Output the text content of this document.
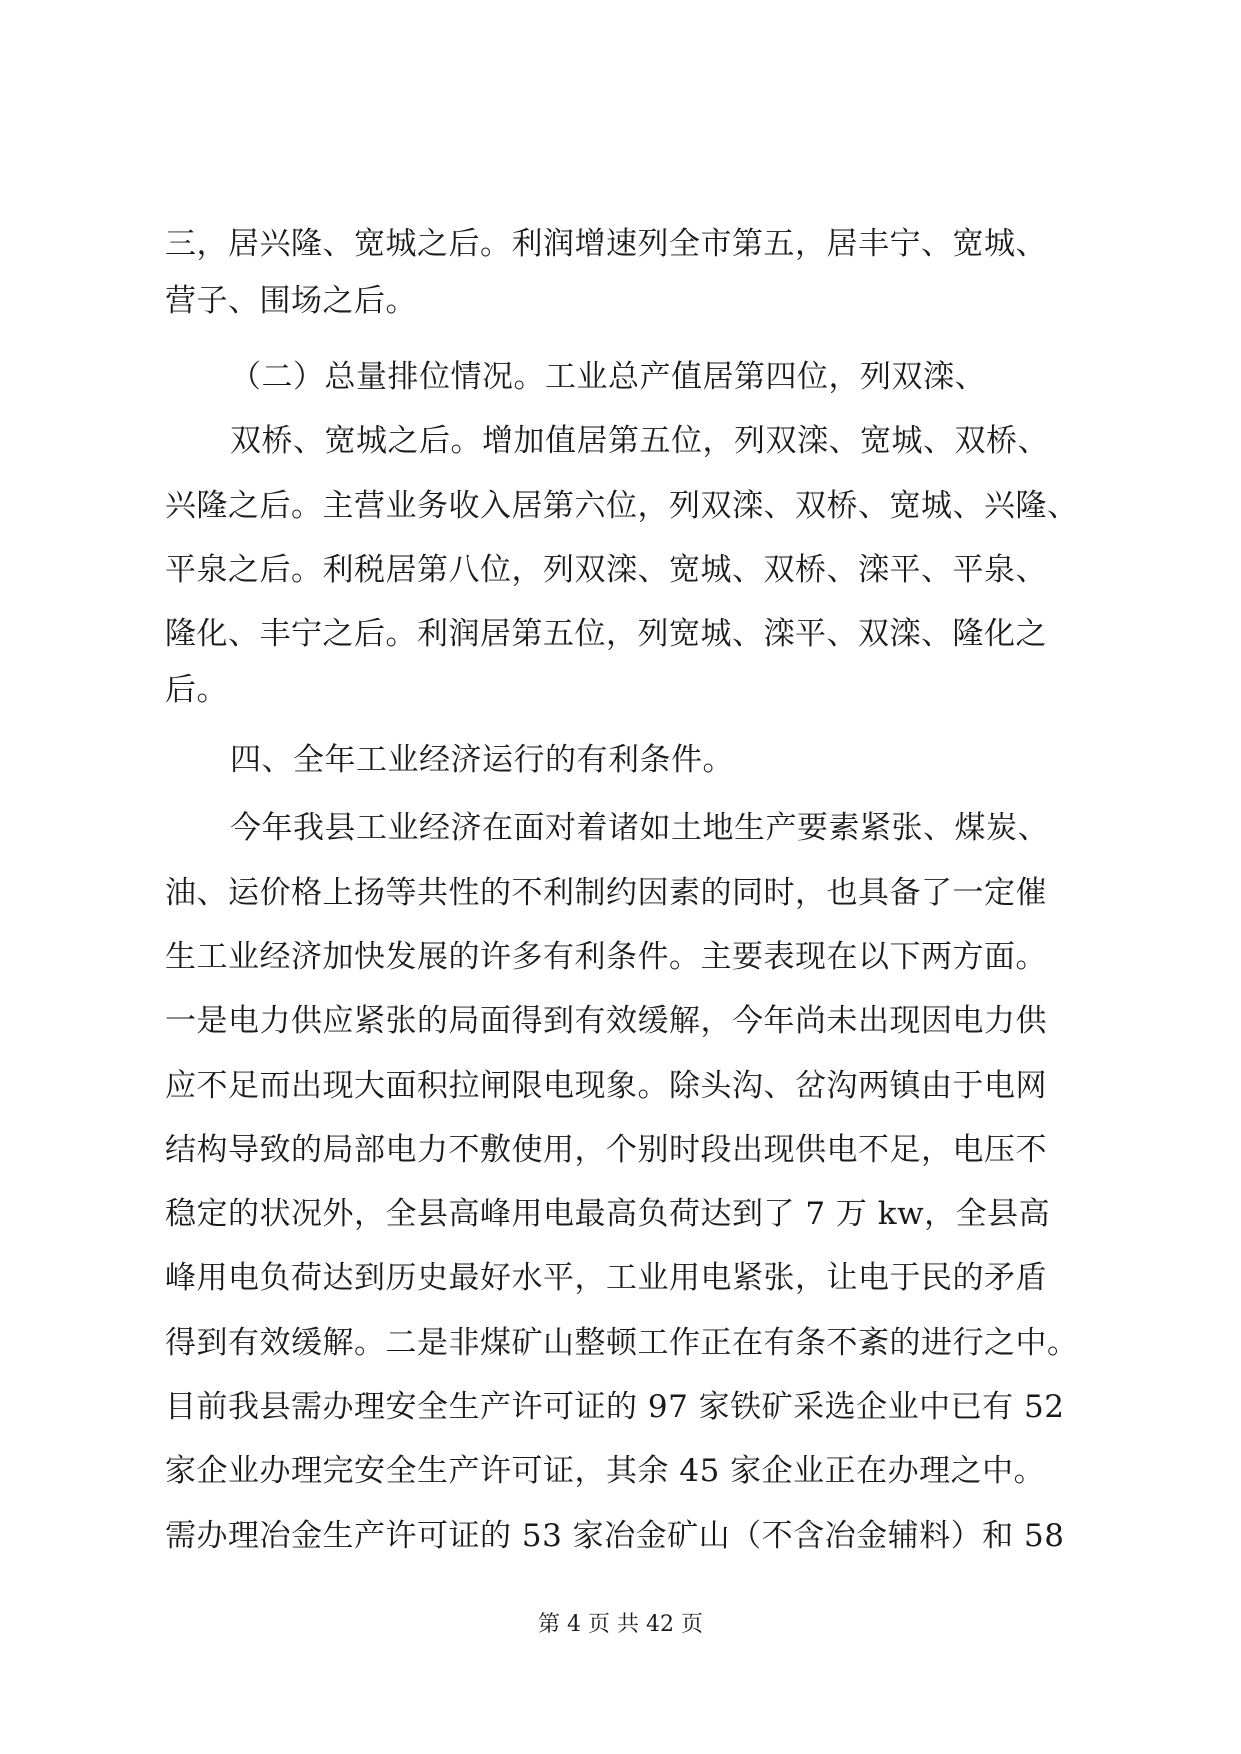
三，居兴隆、宽城之后。利润增速列全市第五，居丰宁、宽城、
营子、围场之后。
（二）总量排位情况。工业总产值居第四位，列双滦、
双桥、宽城之后。增加值居第五位，列双滦、宽城、双桥、
兴隆之后。主营业务收入居第六位，列双滦、双桥、宽城、兴隆、
平泉之后。利税居第八位，列双滦、宽城、双桥、滦平、平泉、
隆化、丰宁之后。利润居第五位，列宽城、滦平、双滦、隆化之
后。
四、全年工业经济运行的有利条件。
今年我县工业经济在面对着诸如土地生产要素紧张、煤炭、
油、运价格上扬等共性的不利制约因素的同时，也具备了一定催
生工业经济加快发展的许多有利条件。主要表现在以下两方面。
一是电力供应紧张的局面得到有效缓解，今年尚未出现因电力供
应不足而出现大面积拉闸限电现象。除头沟、岔沟两镇由于电网
结构导致的局部电力不敷使用，个别时段出现供电不足，电压不
稳定的状况外，全县高峰用电最高负荷达到了 7 万 kw，全县高
峰用电负荷达到历史最好水平，工业用电紧张，让电于民的矛盾
得到有效缓解。二是非煤矿山整顿工作正在有条不紊的进行之中。
目前我县需办理安全生产许可证的 97 家铁矿采选企业中已有 52
家企业办理完安全生产许可证，其余 45 家企业正在办理之中。
需办理冶金生产许可证的 53 家冶金矿山（不含冶金辅料）和 58
第 4 页 共 42 页
